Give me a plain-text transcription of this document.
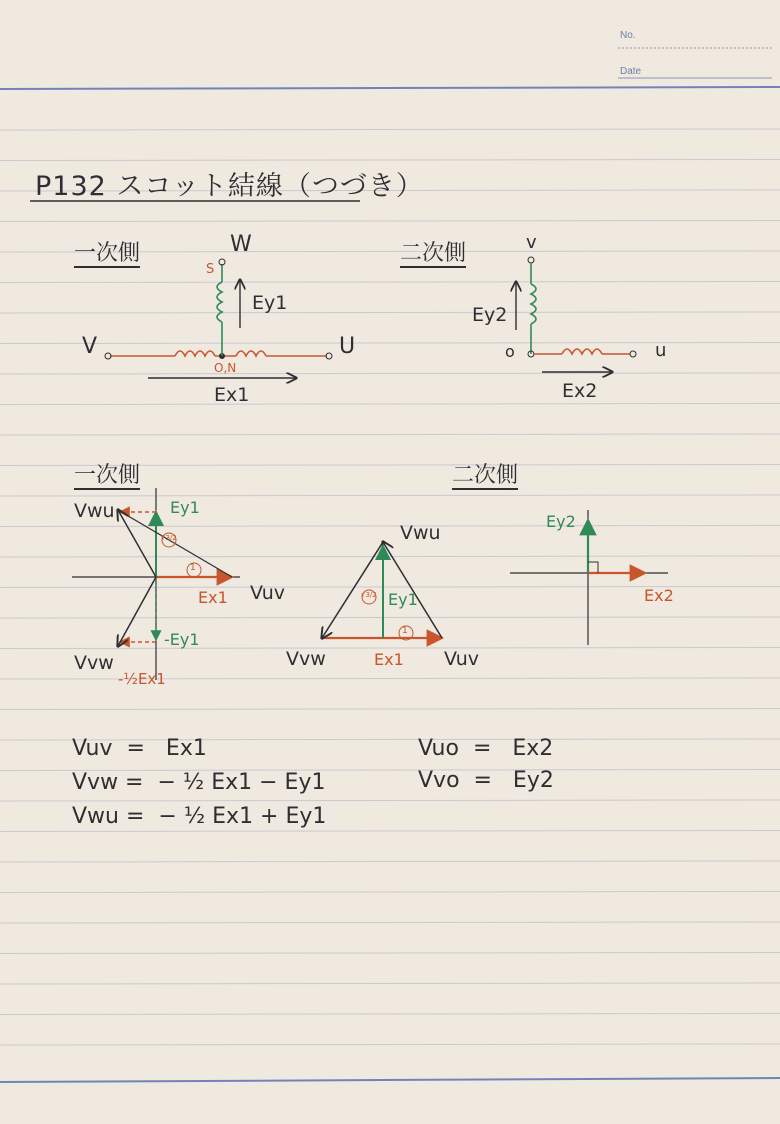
No.
Date
P132 スコット結線（つづき）
一次側	二次側
一次側	二次側
W
V	U
S
O,N
Ey1
Ex1
v
u
o
Ey2
Ex2
Vwu	Ey1
Ex1 Vuv
-Ey1
Vvw
-½Ex1
1
√3/2	Vwu
Vvw	Vuv
Ex1
Ey1
1
√3/2
Ey2
Ex2
Vuv  =   Ex1
Vvw =  − ½ Ex1 − Ey1
Vwu =  − ½ Ex1 + Ey1
Vuo  =   Ex2
Vvo  =   Ey2
